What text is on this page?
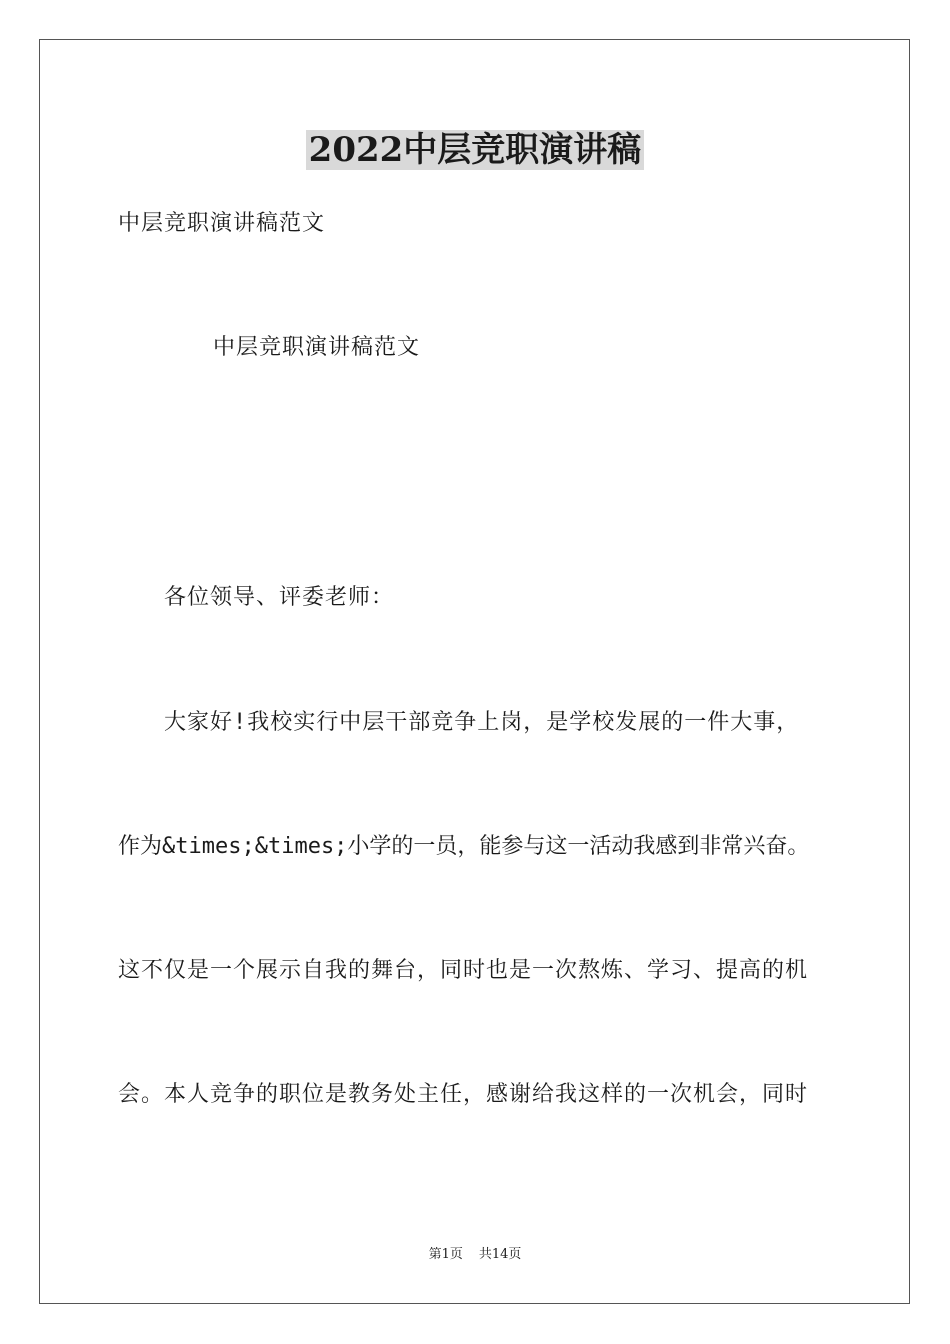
2022中层竞职演讲稿
中层竞职演讲稿范文
中层竞职演讲稿范文
各位领导、评委老师：
大家好!我校实行中层干部竞争上岗，是学校发展的一件大事，
作为&times;&times;小学的一员，能参与这一活动我感到非常兴奋。
这不仅是一个展示自我的舞台，同时也是一次熬炼、学习、提高的机
会。本人竞争的职位是教务处主任，感谢给我这样的一次机会，同时
第1页 共14页
